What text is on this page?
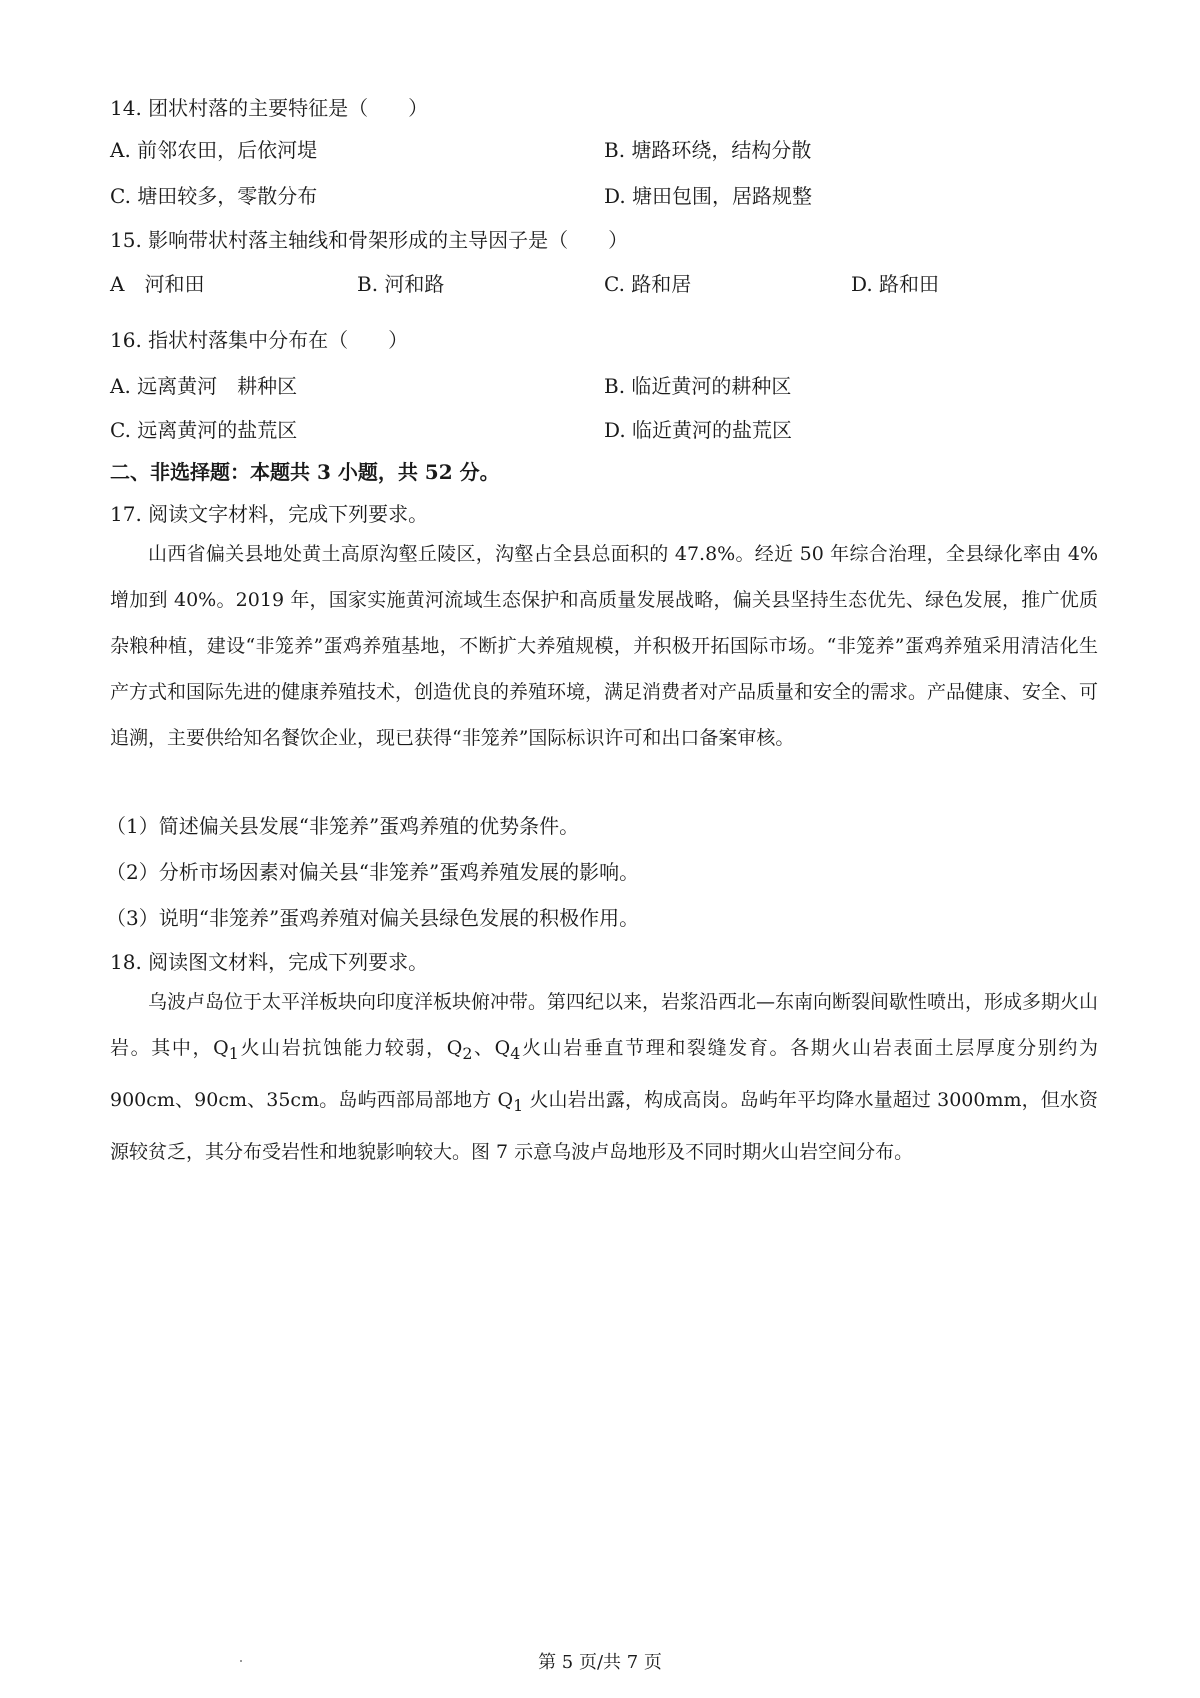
14. 团状村落的主要特征是（　　）
A. 前邻农田，后依河堤	B. 塘路环绕，结构分散
C. 塘田较多，零散分布	D. 塘田包围，居路规整
15. 影响带状村落主轴线和骨架形成的主导因子是（　　）
A　河和田	B. 河和路	C. 路和居	D. 路和田
16. 指状村落集中分布在（　　）
A. 远离黄河　耕种区	B. 临近黄河的耕种区
C. 远离黄河的盐荒区	D. 临近黄河的盐荒区
二、非选择题：本题共 3 小题，共 52 分。
17. 阅读文字材料，完成下列要求。
山西省偏关县地处黄土高原沟壑丘陵区，沟壑占全县总面积的 47.8%。经近 50 年综合治理，全县绿化率由 4%增加到 40%。2019 年，国家实施黄河流域生态保护和高质量发展战略，偏关县坚持生态优先、绿色发展，推广优质杂粮种植，建设“非笼养”蛋鸡养殖基地，不断扩大养殖规模，并积极开拓国际市场。“非笼养”蛋鸡养殖采用清洁化生产方式和国际先进的健康养殖技术，创造优良的养殖环境，满足消费者对产品质量和安全的需求。产品健康、安全、可追溯，主要供给知名餐饮企业，现已获得“非笼养”国际标识许可和出口备案审核。
（1）简述偏关县发展“非笼养”蛋鸡养殖的优势条件。
（2）分析市场因素对偏关县“非笼养”蛋鸡养殖发展的影响。
（3）说明“非笼养”蛋鸡养殖对偏关县绿色发展的积极作用。
18. 阅读图文材料，完成下列要求。
乌波卢岛位于太平洋板块向印度洋板块俯冲带。第四纪以来，岩浆沿西北—东南向断裂间歇性喷出，形成多期火山岩。其中，$Q_1$火山岩抗蚀能力较弱，$Q_2$、$Q_4$火山岩垂直节理和裂缝发育。各期火山岩表面土层厚度分别约为 900cm、90cm、35cm。岛屿西部局部地方 $Q_1$ 火山岩出露，构成高岗。岛屿年平均降水量超过 3000mm，但水资源较贫乏，其分布受岩性和地貌影响较大。图 7 示意乌波卢岛地形及不同时期火山岩空间分布。
第 5 页/共 7 页
